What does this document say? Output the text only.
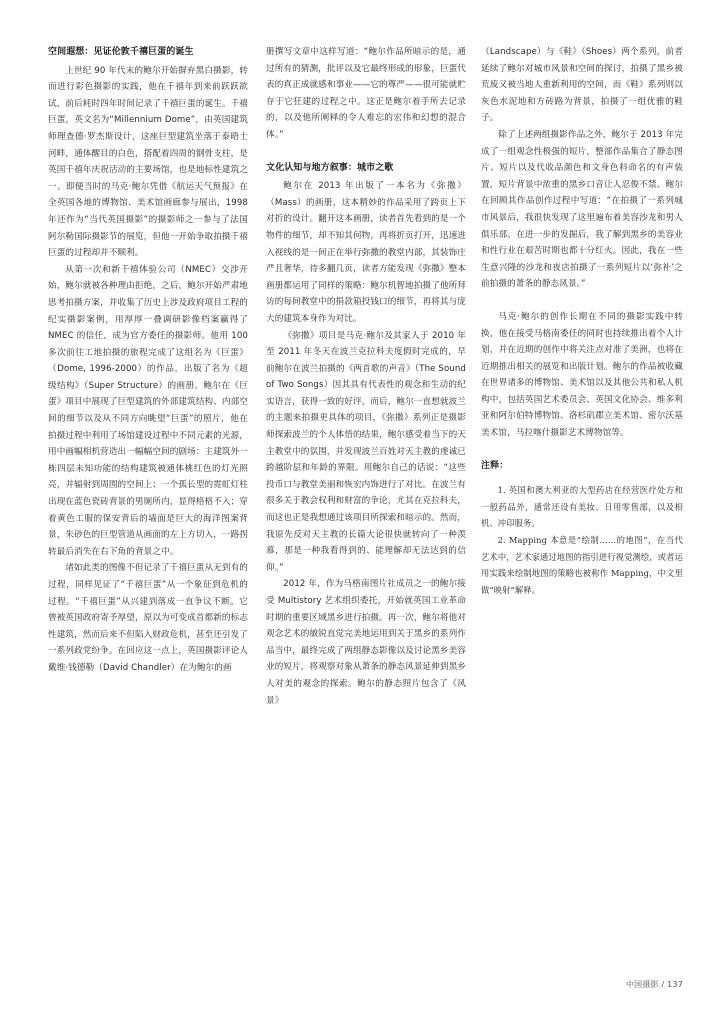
空间遐想：见证伦敦千禧巨蛋的诞生

上世纪 90 年代末的鲍尔开始摒弃黑白摄影，转而进行彩色摄影的实践，他在千禧年到来前跃跃欲试，前后耗时四年时间记录了千禧巨蛋的诞生。千禧巨蛋，英文名为“Millennium Dome”，由英国建筑师理查德·罗杰斯设计，这座巨型建筑坐落于泰晤士河畔，通体醒目的白色，搭配着四周的钢骨支柱，是英国千禧年庆祝活动的主要场馆，也是地标性建筑之一。即便当时的马克·鲍尔凭借《航运天气预报》在全英国各地的博物馆、美术馆画廊参与展出，1998 年还作为“当代英国摄影”的摄影师之一参与了法国阿尔勒国际摄影节的展览，但他一开始争取拍摄千禧巨蛋的过程却并不顺利。

从第一次和新千禧体验公司（NMEC）交涉开始，鲍尔就被各种理由拒绝，之后，鲍尔开始严肃地思考拍摄方案，并收集了历史上涉及政府项目工程的纪实摄影案例，用厚厚一叠调研影像档案赢得了 NMEC 的信任，成为官方委任的摄影师。他用 100 多次前往工地拍摄的旅程完成了这组名为《巨蛋》（Dome, 1996-2000）的作品，出版了名为《超级结构》（Super Structure）的画册。鲍尔在《巨蛋》项目中展现了巨型建筑的外部建筑结构、内部空间的细节以及从不同方向眺望“巨蛋”的照片，他在拍摄过程中利用了场馆建设过程中不同元素的光源，用中画幅相机营造出一幅幅空间的剧场：主建筑外一栋四层未知功能的结构建筑被通体桃红色的灯光照亮，并辐射到周围的空间上；一个孤长型的霓虹灯柱出现在蓝色瓷砖背景的男厕所内，显得格格不入；穿着黄色工服的保安背后的墙面是巨大的海洋图案背景，朱砂色的巨型管道从画面的左上方切入，一路拐转最后消失在右下角的背景之中。

诸如此类的图像不但记录了千禧巨蛋从无到有的过程，同样见证了“千禧巨蛋”从一个象征到危机的过程。“千禧巨蛋”从兴建到落成一直争议不断。它曾被英国政府寄予厚望，原以为可变成首都新的标志性建筑，然而后来不但陷入财政危机，甚至还引发了一系列政党纷争。在回应这一点上，英国摄影评论人戴维·钱德勒（David Chandler）在为鲍尔的画

册撰写文章中这样写道：“鲍尔作品所暗示的是，通过所有的猜测，批评以及它最终形成的形象，巨蛋代表的真正成就感和事业——它的尊严——很可能就贮存于它狂建的过程之中。这正是鲍尔着手所去记录的，以及他所阐释的令人难忘的宏伟和幻想的混合体。”

文化认知与地方叙事：城市之歌

鲍尔在 2013 年出版了一本名为《弥撒》（Mass）的画册，这本精妙的作品采用了跨页上下对折的设计。翻开这本画册，读者首先看到的是一个物件的细节，却不知其何物，再将折页打开，迅速进入视线的是一间正在举行弥撒的教堂内部，其装饰庄严且奢华，待多翻几页，读者方能发现《弥撒》整本画册都运用了同样的策略：鲍尔机智地拍摄了他所拜访的每间教堂中的捐款箱投钱口的细节，再将其与庞大的建筑本身作为对比。

《弥撒》项目是马克·鲍尔及其家人于 2010 年至 2011 年冬天在波兰克拉科夫度假时完成的，早前鲍尔在波兰拍摄的《两首歌的声音》（The Sound of Two Songs）因其具有代表性的观念和生动的纪实语言，获得一致的好评。而后，鲍尔一直想就波兰的主题来拍摄更具体的项目，《弥撒》系列正是摄影师探索波兰的个人体悟的结果，鲍尔感受着当下的天主教堂中的氛围，并发现波兰百姓对天主教的虔诚已跨越阶层和年龄的界限。用鲍尔自己的话说：“这些投币口与教堂美丽和恢宏内饰进行了对比。在波兰有很多关于教会权利和财富的争论，尤其在克拉科夫，而这也正是我想通过该项目所探索和暗示的。然而，我原先反对天主教的长篇大论很快就转向了一种羡慕，那是一种我看得到的、能理解却无法达到的信仰。”

2012 年，作为马格南图片社成员之一的鲍尔接受 Multistory 艺术组织委托，开始就英国工业革命时期的重要区域黑乡进行拍摄。再一次，鲍尔将他对观念艺术的敏锐直觉完美地运用到关于黑乡的系列作品当中，最终完成了两组静态影像以及讨论黑乡美容业的短片，将观察对象从萧条的静态风景延伸到黑乡人对美的观念的探索。鲍尔的静态照片包含了《风景》

（Landscape）与《鞋》（Shoes）两个系列，前者延续了鲍尔对城市风景和空间的探讨，拍摄了黑乡被荒废又被当地人重新利用的空间，而《鞋》系列则以灰色水泥地和方砖路为背景，拍摄了一组优雅的鞋子。

除了上述两组摄影作品之外，鲍尔于 2013 年完成了一组观念性极强的短片，整部作品集合了静态图片、短片以及代收品颜色和文身色料命名的有声装置，短片背景中浓重的黑乡口音让人忍俊不禁。鲍尔在回顾其作品创作过程中写道：“在拍摄了一系列城市风景后，我很快发现了这里遍布着美容沙龙和男人俱乐部。在进一步的发掘后，我了解到黑乡的美容业和性行业在艰苦时期也都十分红火。因此，我在一些生意兴隆的沙龙和夜店拍摄了一系列短片以‘弥补’之前拍摄的萧条的静态风景。”

马克·鲍尔的创作长期在不同的摄影实践中转换，他在接受马格南委任的同时也持续推出着个人计划，并在近期的创作中将关注点对准了美洲，也将在近期推出相关的展览和出版计划。鲍尔的作品被收藏在世界诸多的博物馆、美术馆以及其他公共和私人机构中，包括英国艺术委员会、英国文化协会、维多利亚和阿尔伯特博物馆、洛杉矶郡立美术馆、密尔沃基美术馆，马拉喀什摄影艺术博物馆等。

注释：

1. 英国和澳大利亚的大型药店在经营医疗处方和一般药品外，通常还设有美妆、日用零售部，以及相机、冲印服务。

2. Mapping 本意是“绘制……的地图”，在当代艺术中，艺术家通过地图的指引进行视觉测绘，或者运用实践来绘制地图的策略也被称作 Mapping，中文里做“映射”解释。

中国摄影 / 137
